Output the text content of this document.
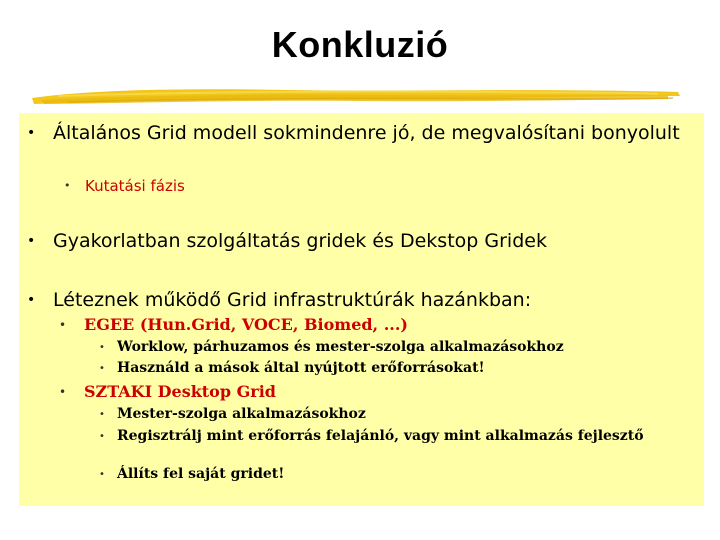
Konkluzió
• Általános Grid modell sokmindenre jó, de megvalósítani bonyolult
• Kutatási fázis
• Gyakorlatban szolgáltatás gridek és Dekstop Gridek
• Léteznek működő Grid infrastruktúrák hazánkban:
• EGEE (Hun.Grid, VOCE, Biomed, ...)
• Worklow, párhuzamos és mester-szolga alkalmazásokhoz
• Használd a mások által nyújtott erőforrásokat!
• SZTAKI Desktop Grid
• Mester-szolga alkalmazásokhoz
• Regisztrálj mint erőforrás felajánló, vagy mint alkalmazás fejlesztő
• Állíts fel saját gridet!
